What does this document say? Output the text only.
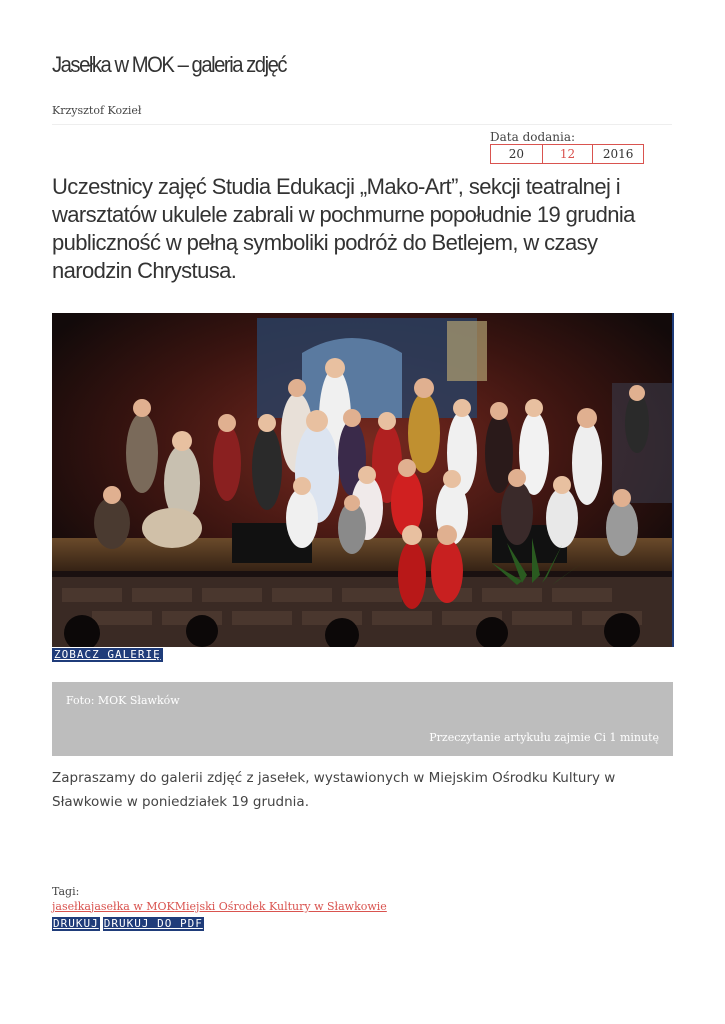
Jasełka w MOK – galeria zdjęć
Krzysztof Kozieł
Data dodania:
20	12	2016
Uczestnicy zajęć Studia Edukacji „Mako-Art”, sekcji teatralnej i warsztatów ukulele zabrali w pochmurne popołudnie 19 grudnia publiczność w pełną symboliki podróż do Betlejem, w czasy narodzin Chrystusa.
ZOBACZ GALERIĘ
Foto: MOK Sławków
Przeczytanie artykułu zajmie Ci 1 minutę
Zapraszamy do galerii zdjęć z jasełek, wystawionych w Miejskim Ośrodku Kultury w Sławkowie w poniedziałek 19 grudnia.
Tagi:
jasełkajasełka w MOKMiejski Ośrodek Kultury w Sławkowie
DRUKUJ DRUKUJ DO PDF
